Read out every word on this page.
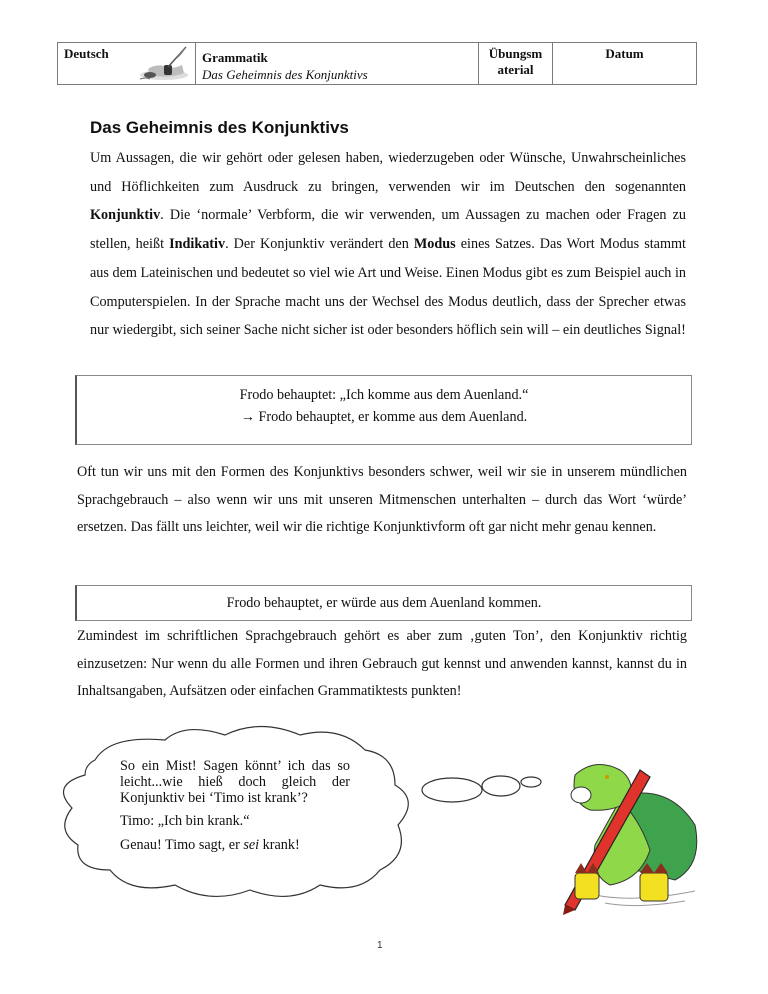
Deutsch	Grammatik
Das Geheimnis des Konjunktivs

Übungsm
aterial

Datum
Das Geheimnis des Konjunktivs
Um Aussagen, die wir gehört oder gelesen haben, wiederzugeben oder Wünsche, Unwahrscheinliches und Höflichkeiten zum Ausdruck zu bringen, verwenden wir im Deutschen den sogenannten Konjunktiv. Die ‘normale’ Verbform, die wir verwenden, um Aussagen zu machen oder Fragen zu stellen, heißt Indikativ. Der Konjunktiv verändert den Modus eines Satzes. Das Wort Modus stammt aus dem Lateinischen und bedeutet so viel wie Art und Weise. Einen Modus gibt es zum Beispiel auch in Computerspielen. In der Sprache macht uns der Wechsel des Modus deutlich, dass der Sprecher etwas nur wiedergibt, sich seiner Sache nicht sicher ist oder besonders höflich sein will – ein deutliches Signal!
Frodo behauptet: „Ich komme aus dem Auenland.“
→ Frodo behauptet, er komme aus dem Auenland.
Oft tun wir uns mit den Formen des Konjunktivs besonders schwer, weil wir sie in unserem mündlichen Sprachgebrauch – also wenn wir uns mit unseren Mitmenschen unterhalten – durch das Wort ‘würde’ ersetzen. Das fällt uns leichter, weil wir die richtige Konjunktivform oft gar nicht mehr genau kennen.
Frodo behauptet, er würde aus dem Auenland kommen.
Zumindest im schriftlichen Sprachgebrauch gehört es aber zum ‚guten Ton’, den Konjunktiv richtig einzusetzen: Nur wenn du alle Formen und ihren Gebrauch gut kennst und anwenden kannst, kannst du in Inhaltsangaben, Aufsätzen oder einfachen Grammatiktests punkten!
So ein Mist! Sagen könnt’ ich das so leicht...wie hieß doch gleich der Konjunktiv bei ‘Timo ist krank’?
Timo: „Ich bin krank.“
Genau! Timo sagt, er sei krank!
1
